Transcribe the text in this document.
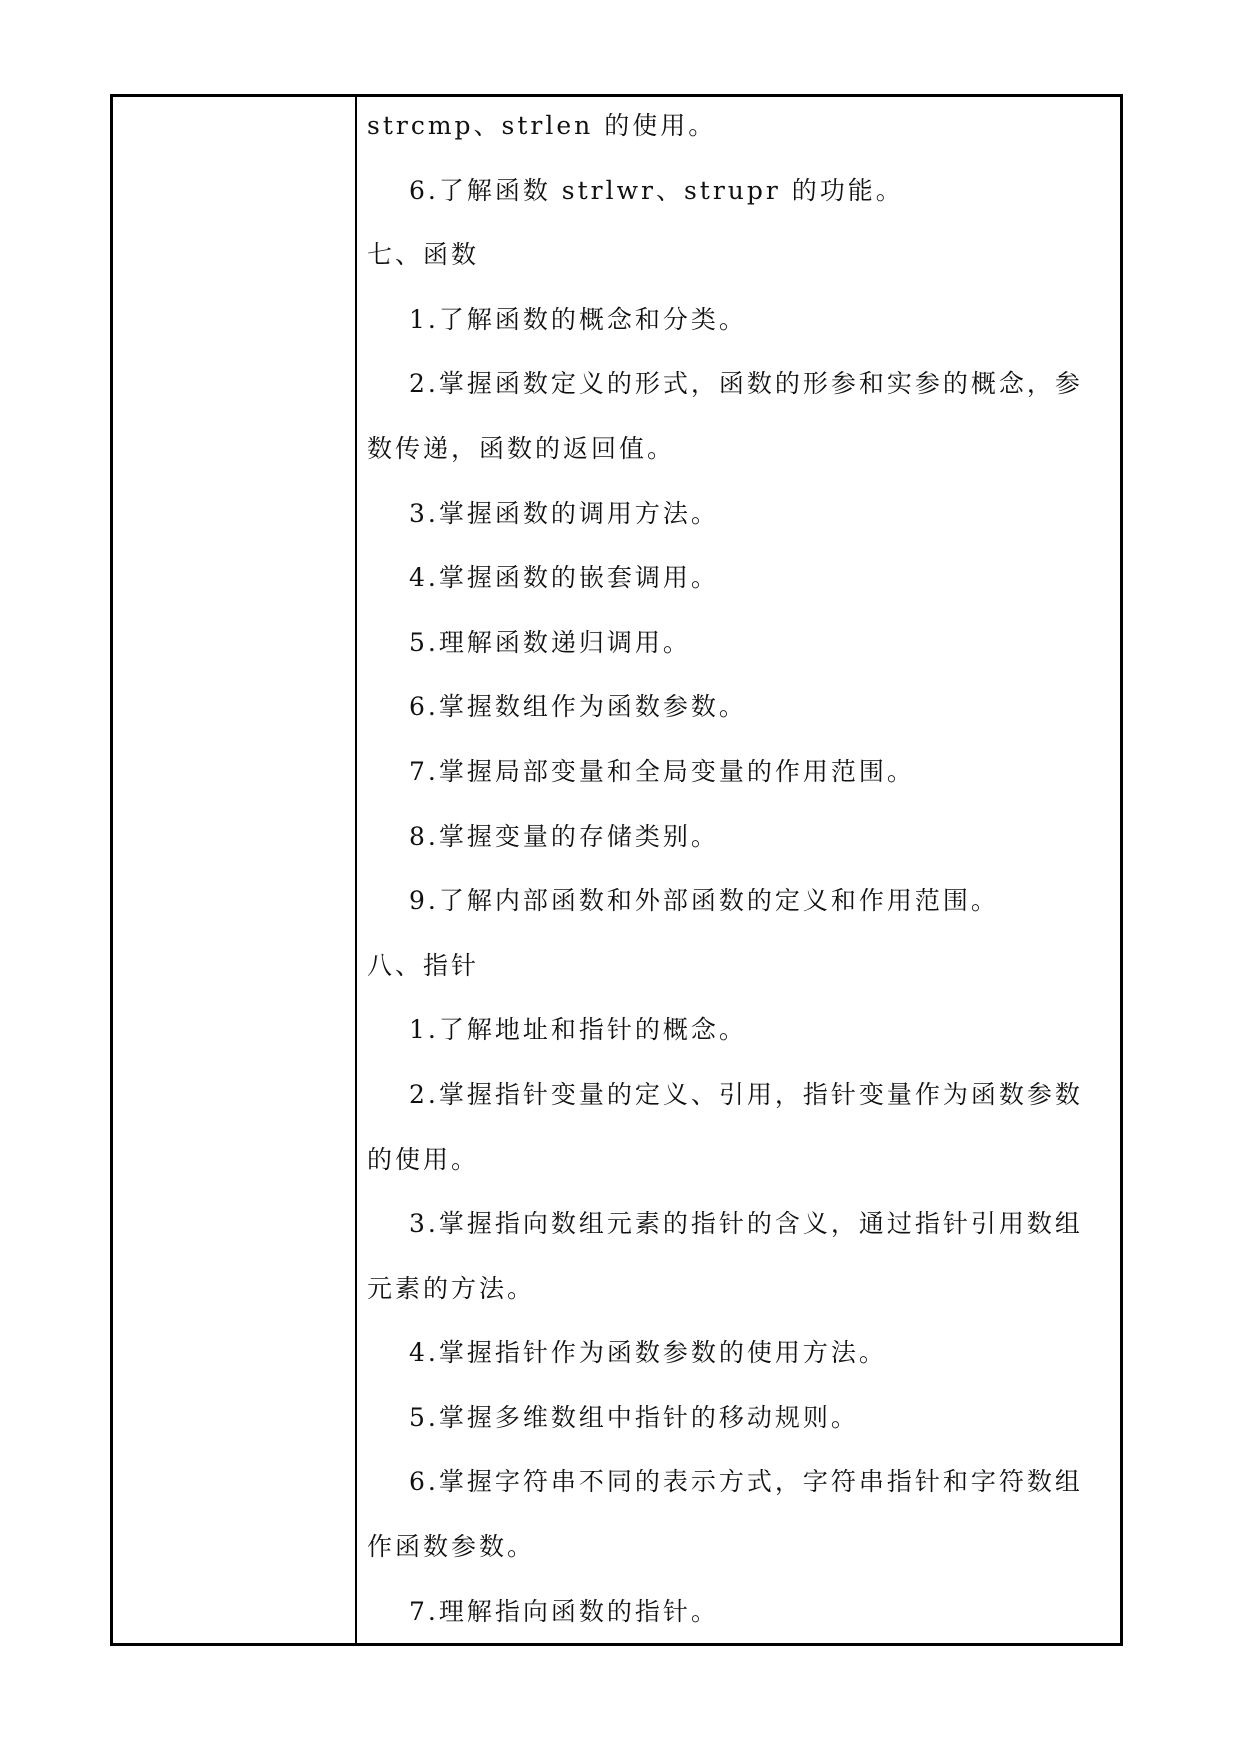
strcmp、strlen 的使用。

6.了解函数 strlwr、strupr 的功能。

七、函数

1.了解函数的概念和分类。

2.掌握函数定义的形式，函数的形参和实参的概念，参

数传递，函数的返回值。

3.掌握函数的调用方法。

4.掌握函数的嵌套调用。

5.理解函数递归调用。

6.掌握数组作为函数参数。

7.掌握局部变量和全局变量的作用范围。

8.掌握变量的存储类别。

9.了解内部函数和外部函数的定义和作用范围。

八、指针

1.了解地址和指针的概念。

2.掌握指针变量的定义、引用，指针变量作为函数参数

的使用。

3.掌握指向数组元素的指针的含义，通过指针引用数组

元素的方法。

4.掌握指针作为函数参数的使用方法。

5.掌握多维数组中指针的移动规则。

6.掌握字符串不同的表示方式，字符串指针和字符数组

作函数参数。

7.理解指向函数的指针。
